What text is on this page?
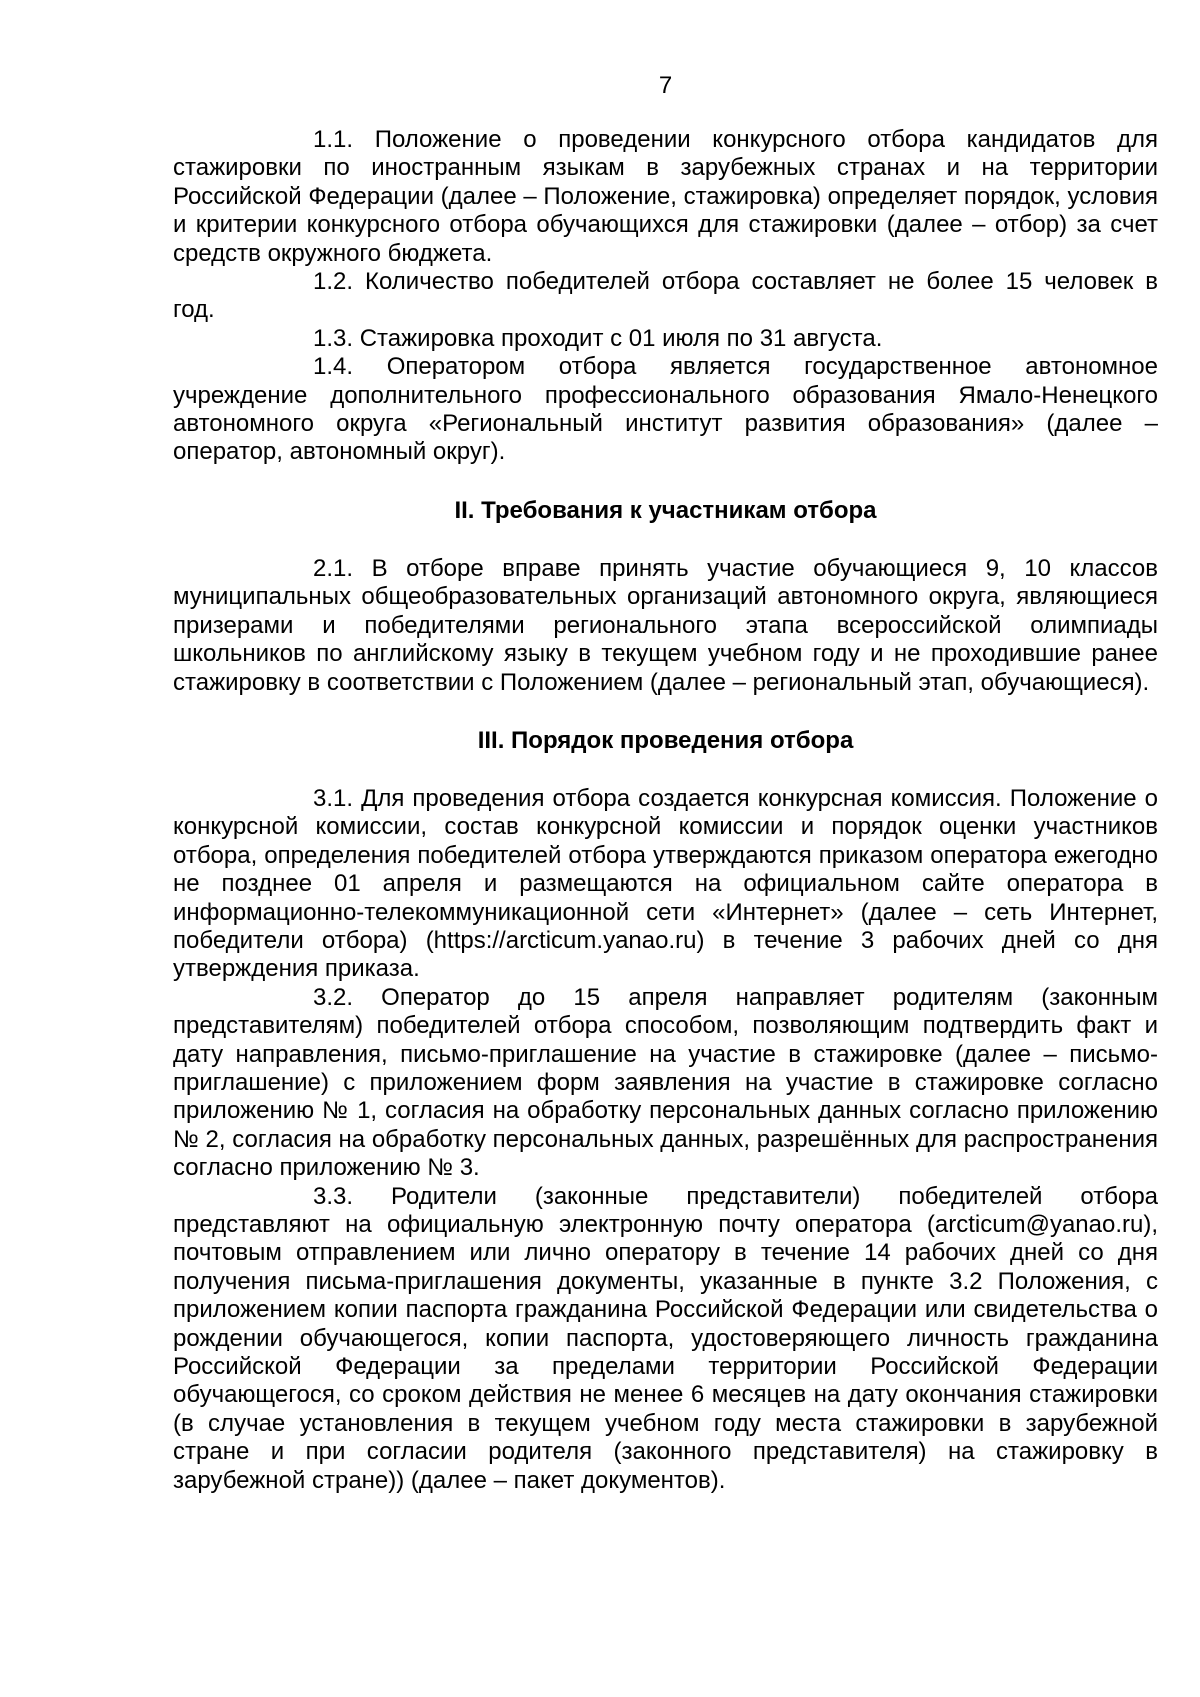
7

1.1. Положение о проведении конкурсного отбора кандидатов для стажировки по иностранным языкам в зарубежных странах и на территории Российской Федерации (далее – Положение, стажировка) определяет порядок, условия и критерии конкурсного отбора обучающихся для стажировки (далее – отбор) за счет средств окружного бюджета.

1.2. Количество победителей отбора составляет не более 15 человек в год.

1.3. Стажировка проходит с 01 июля по 31 августа.

1.4. Оператором отбора является государственное автономное учреждение дополнительного профессионального образования Ямало-Ненецкого автономного округа «Региональный институт развития образования» (далее – оператор, автономный округ).

II. Требования к участникам отбора

2.1. В отборе вправе принять участие обучающиеся 9, 10 классов муниципальных общеобразовательных организаций автономного округа, являющиеся призерами и победителями регионального этапа всероссийской олимпиады школьников по английскому языку в текущем учебном году и не проходившие ранее стажировку в соответствии с Положением (далее – региональный этап, обучающиеся).

III. Порядок проведения отбора

3.1. Для проведения отбора создается конкурсная комиссия. Положение о конкурсной комиссии, состав конкурсной комиссии и порядок оценки участников отбора, определения победителей отбора утверждаются приказом оператора ежегодно не позднее 01 апреля и размещаются на официальном сайте оператора в информационно-телекоммуникационной сети «Интернет» (далее – сеть Интернет, победители отбора) (https://arcticum.yanao.ru) в течение 3 рабочих дней со дня утверждения приказа.

3.2. Оператор до 15 апреля направляет родителям (законным представителям) победителей отбора способом, позволяющим подтвердить факт и дату направления, письмо-приглашение на участие в стажировке (далее – письмо-приглашение) с приложением форм заявления на участие в стажировке согласно приложению № 1, согласия на обработку персональных данных согласно приложению № 2, согласия на обработку персональных данных, разрешённых для распространения согласно приложению № 3.

3.3. Родители (законные представители) победителей отбора представляют на официальную электронную почту оператора (arcticum@yanao.ru), почтовым отправлением или лично оператору в течение 14 рабочих дней со дня получения письма-приглашения документы, указанные в пункте 3.2 Положения, с приложением копии паспорта гражданина Российской Федерации или свидетельства о рождении обучающегося, копии паспорта, удостоверяющего личность гражданина Российской Федерации за пределами территории Российской Федерации обучающегося, со сроком действия не менее 6 месяцев на дату окончания стажировки (в случае установления в текущем учебном году места стажировки в зарубежной стране и при согласии родителя (законного представителя) на стажировку в зарубежной стране)) (далее – пакет документов).
